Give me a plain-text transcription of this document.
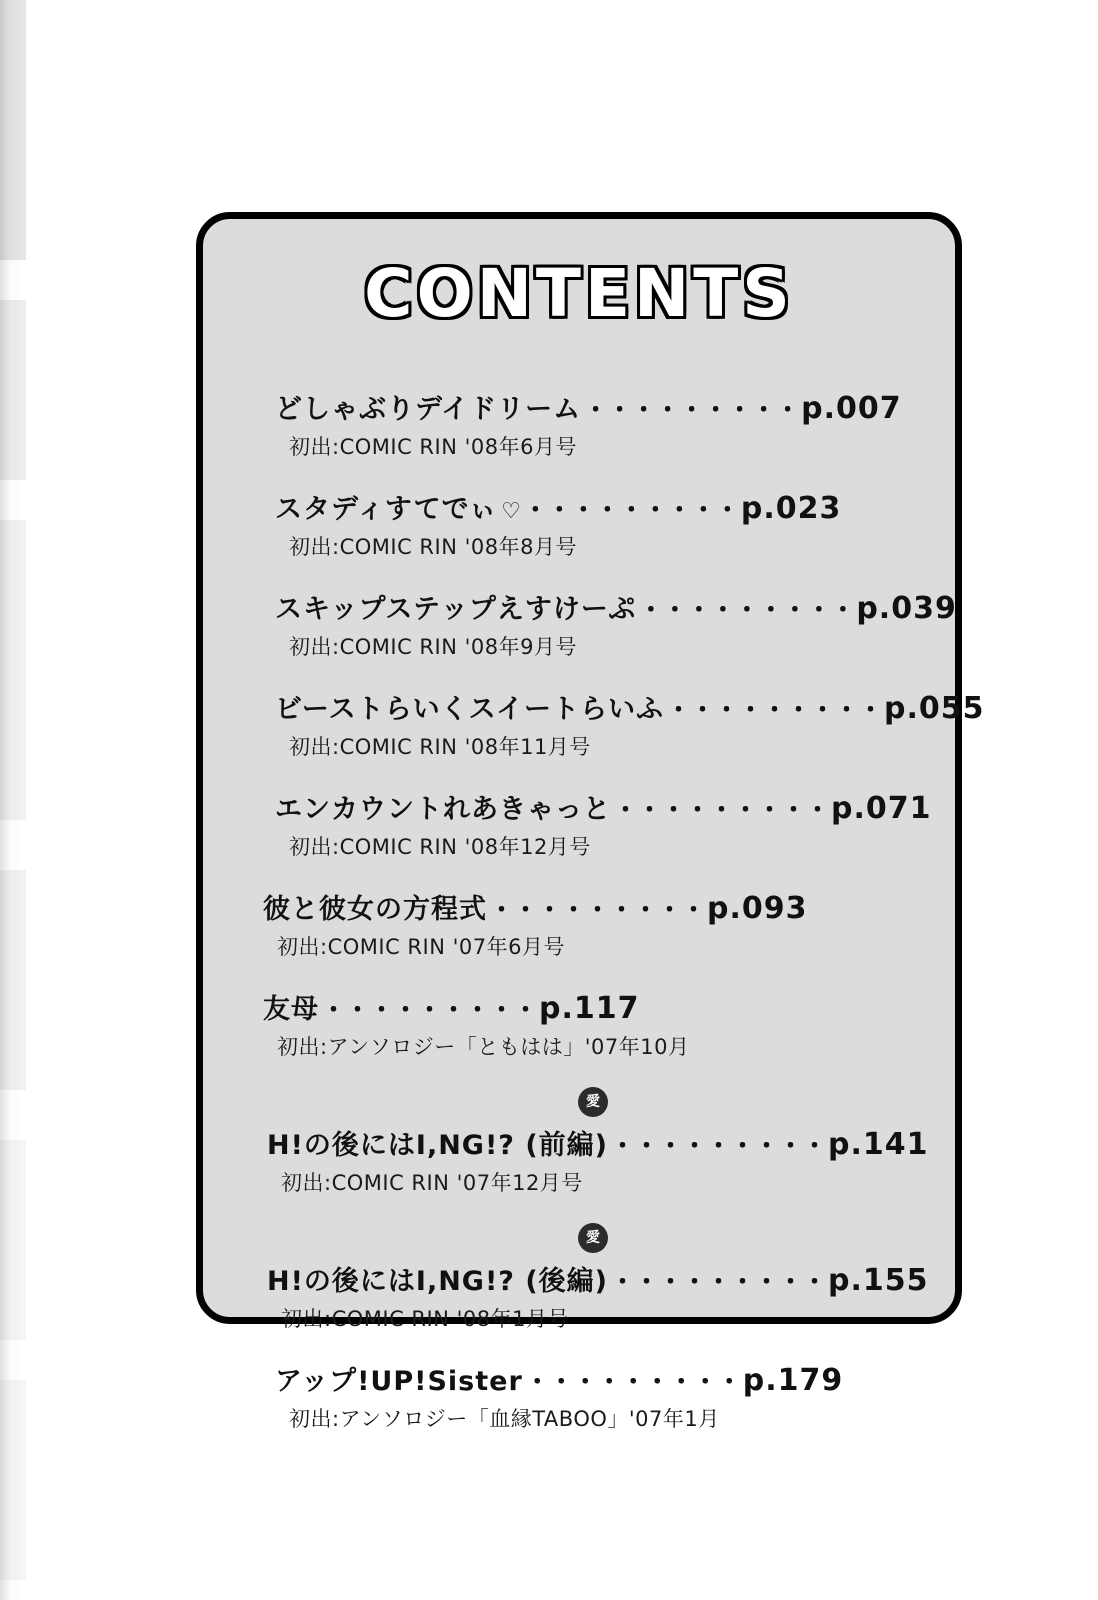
CONTENTS
どしゃぶりデイドリーム ・・・・・・・・・ p.007
初出:COMIC RIN '08年6月号
スタディすてでぃ ♡ ・・・・・・・・・ p.023
初出:COMIC RIN '08年8月号
スキップステップえすけーぷ ・・・・・・・・・ p.039
初出:COMIC RIN '08年9月号
ビーストらいくスイートらいふ ・・・・・・・・・ p.055
初出:COMIC RIN '08年11月号
エンカウントれあきゃっと ・・・・・・・・・ p.071
初出:COMIC RIN '08年12月号
彼と彼女の方程式 ・・・・・・・・・ p.093
初出:COMIC RIN '07年6月号
友母 ・・・・・・・・・ p.117
初出:アンソロジー「ともはは」'07年10月
愛
H!の後にはI,NG!? (前編) ・・・・・・・・・ p.141
初出:COMIC RIN '07年12月号
愛
H!の後にはI,NG!? (後編) ・・・・・・・・・ p.155
初出:COMIC RIN '08年1月号
アップ!UP!Sister ・・・・・・・・・ p.179
初出:アンソロジー「血縁TABOO」'07年1月
